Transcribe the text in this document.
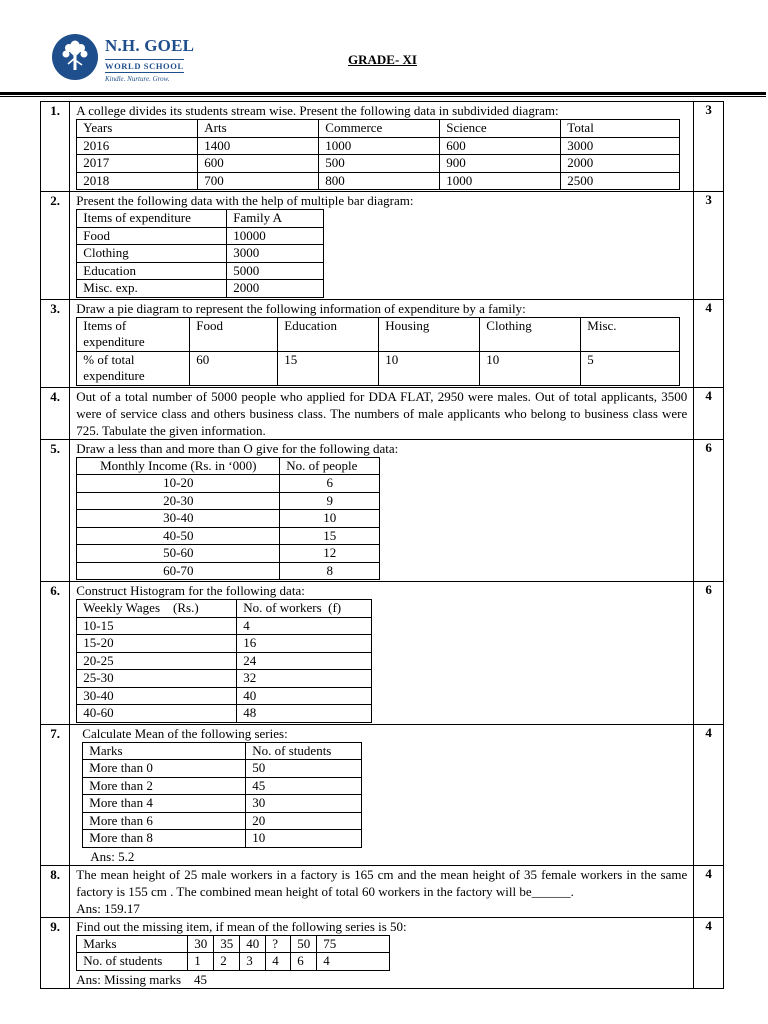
N.H. GOEL
WORLD SCHOOL
Kindle. Nurture. Grow.
GRADE- XI
1.	A college divides its students stream wise. Present the following data in subdivided diagram:
Years	Arts	Commerce	Science	Total
2016	1400	1000	600	3000
2017	600	500	900	2000
2018	700	800	1000	2500
	3
2.	Present the following data with the help of multiple bar diagram:
Items of expenditure	Family A
Food	10000
Clothing	3000
Education	5000
Misc. exp.	2000
	3
3.	Draw a pie diagram to represent the following information of expenditure by a family:
Items of expenditure	Food	Education	Housing	Clothing	Misc.
% of total expenditure	60	15	10	10	5
	4
4.	Out of a total number of 5000 people who applied for DDA FLAT, 2950 were males. Out of total applicants, 3500 were of service class and others business class. The numbers of male applicants who belong to business class were 725. Tabulate the given information.
	4
5.	Draw a less than and more than O give for the following data:
Monthly Income (Rs. in ‘000)	No. of people
10-20	6
20-30	9
30-40	10
40-50	15
50-60	12
60-70	8
	6
6.	Construct Histogram for the following data:
Weekly Wages    (Rs.)	No. of workers  (f)
10-15	4
15-20	16
20-25	24
25-30	32
30-40	40
40-60	48
	6
7.	Calculate Mean of the following series:
Marks	No. of students
More than 0	50
More than 2	45
More than 4	30
More than 6	20
More than 8	10
Ans: 5.2
	4
8.	The mean height of 25 male workers in a factory is 165 cm and the mean height of 35 female workers in the same factory is 155 cm . The combined mean height of total 60 workers in the factory will be______.
Ans: 159.17
	4
9.	Find out the missing item, if mean of the following series is 50:
Marks	30	35	40	?	50	75
No. of students	1	2	3	4	6	4
Ans: Missing marks    45
	4
